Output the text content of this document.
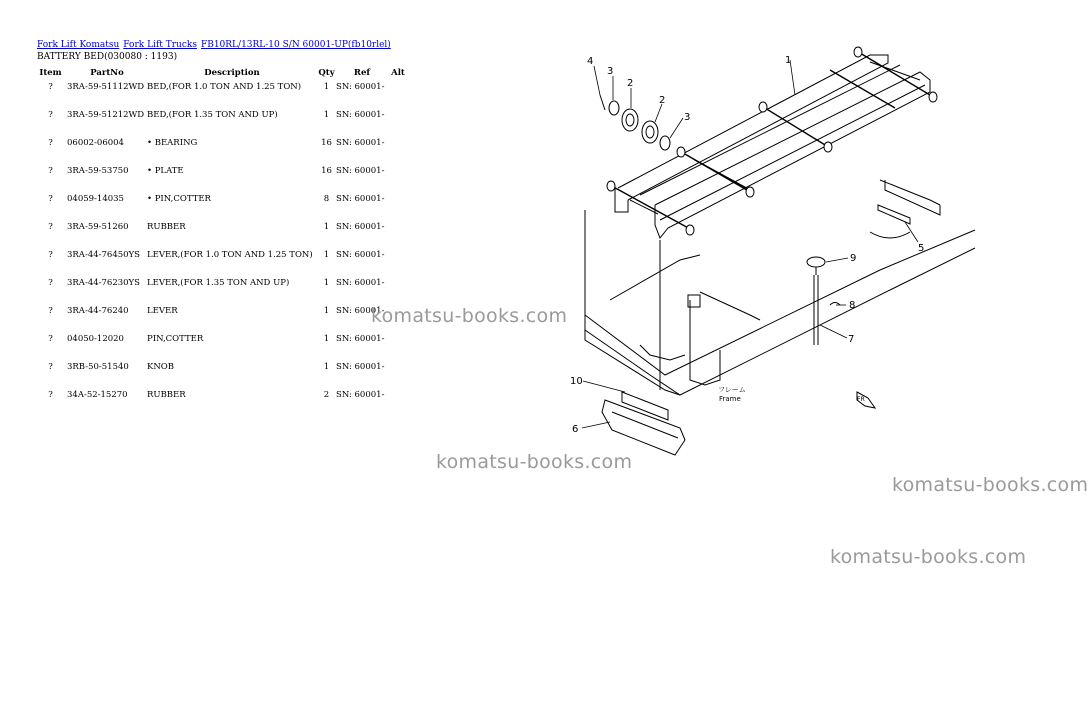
Fork Lift Komatsu Fork Lift Trucks FB10RL/13RL-10 S/N 60001-UP(fb10rlel)
BATTERY BED(030080 : 1193)
Item	PartNo	Description	Qty	Ref	Alt
?	3RA-59-51112WD	BED,(FOR 1.0 TON AND 1.25 TON)	1	SN: 60001-	
?	3RA-59-51212WD	BED,(FOR 1.35 TON AND UP)	1	SN: 60001-	
?	06002-06004	• BEARING	16	SN: 60001-	
?	3RA-59-53750	• PLATE	16	SN: 60001-	
?	04059-14035	• PIN,COTTER	8	SN: 60001-	
?	3RA-59-51260	RUBBER	1	SN: 60001-	
?	3RA-44-76450YS	LEVER,(FOR 1.0 TON AND 1.25 TON)	1	SN: 60001-	
?	3RA-44-76230YS	LEVER,(FOR 1.35 TON AND UP)	1	SN: 60001-	
?	3RA-44-76240	LEVER	1	SN: 60001-	
?	04050-12020	PIN,COTTER	1	SN: 60001-	
?	3RB-50-51540	KNOB	1	SN: 60001-	
?	34A-52-15270	RUBBER	2	SN: 60001-	
1
2
2
3
3
4
5
6
7
8
9
10
フレーム
Frame	FR
komatsu-books.com
komatsu-books.com
komatsu-books.com
komatsu-books.com
